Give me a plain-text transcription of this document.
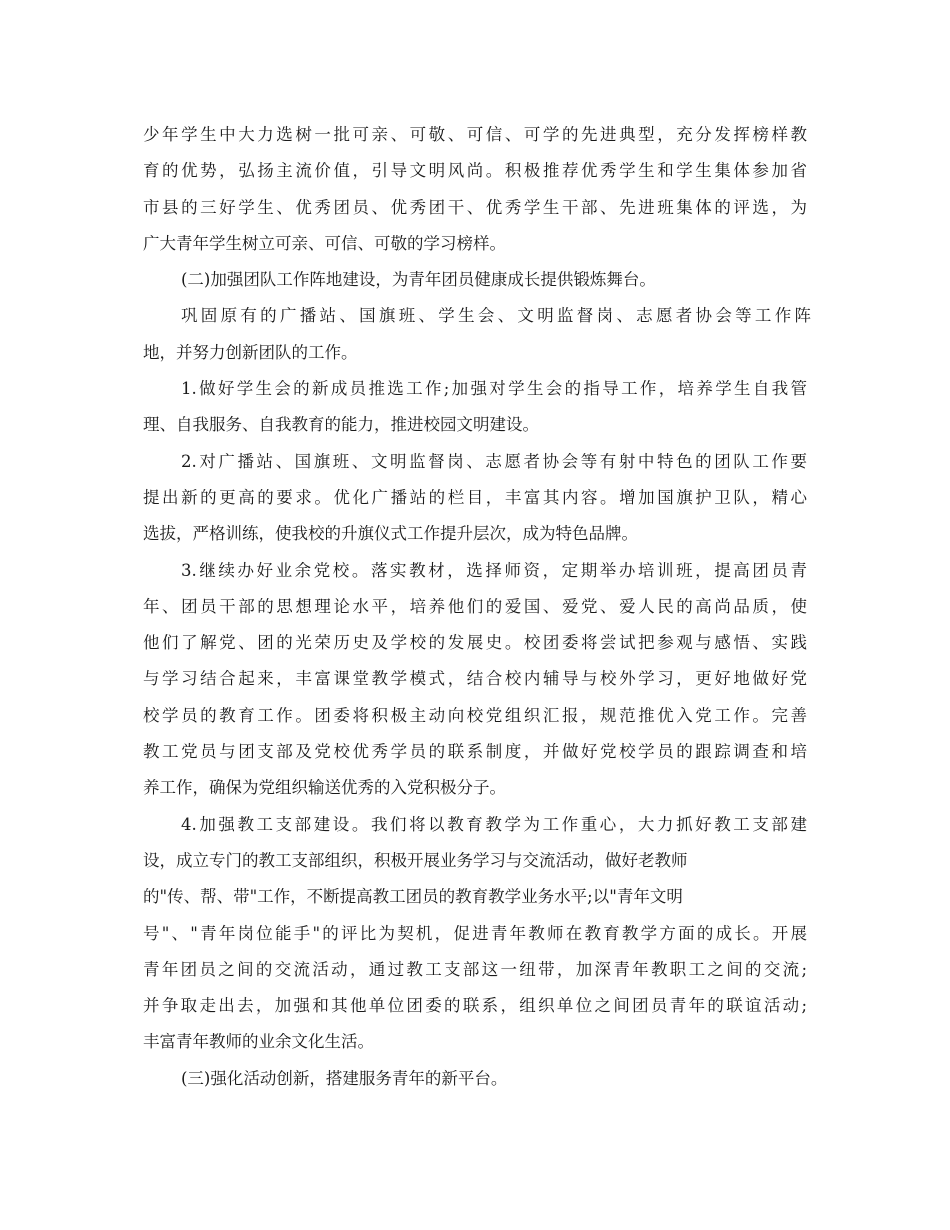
少年学生中大力选树一批可亲、可敬、可信、可学的先进典型，充分发挥榜样教
育的优势，弘扬主流价值，引导文明风尚。积极推荐优秀学生和学生集体参加省
市县的三好学生、优秀团员、优秀团干、优秀学生干部、先进班集体的评选，为
广大青年学生树立可亲、可信、可敬的学习榜样。
(二)加强团队工作阵地建设，为青年团员健康成长提供锻炼舞台。
巩固原有的广播站、国旗班、学生会、文明监督岗、志愿者协会等工作阵
地，并努力创新团队的工作。
1.做好学生会的新成员推选工作;加强对学生会的指导工作，培养学生自我管
理、自我服务、自我教育的能力，推进校园文明建设。
2.对广播站、国旗班、文明监督岗、志愿者协会等有射中特色的团队工作要
提出新的更高的要求。优化广播站的栏目，丰富其内容。增加国旗护卫队，精心
选拔，严格训练，使我校的升旗仪式工作提升层次，成为特色品牌。
3.继续办好业余党校。落实教材，选择师资，定期举办培训班，提高团员青
年、团员干部的思想理论水平，培养他们的爱国、爱党、爱人民的高尚品质，使
他们了解党、团的光荣历史及学校的发展史。校团委将尝试把参观与感悟、实践
与学习结合起来，丰富课堂教学模式，结合校内辅导与校外学习，更好地做好党
校学员的教育工作。团委将积极主动向校党组织汇报，规范推优入党工作。完善
教工党员与团支部及党校优秀学员的联系制度，并做好党校学员的跟踪调查和培
养工作，确保为党组织输送优秀的入党积极分子。
4.加强教工支部建设。我们将以教育教学为工作重心，大力抓好教工支部建
设，成立专门的教工支部组织，积极开展业务学习与交流活动，做好老教师
的"传、帮、带"工作，不断提高教工团员的教育教学业务水平;以"青年文明
号"、"青年岗位能手"的评比为契机，促进青年教师在教育教学方面的成长。开展
青年团员之间的交流活动，通过教工支部这一纽带，加深青年教职工之间的交流;
并争取走出去，加强和其他单位团委的联系，组织单位之间团员青年的联谊活动;
丰富青年教师的业余文化生活。
(三)强化活动创新，搭建服务青年的新平台。
